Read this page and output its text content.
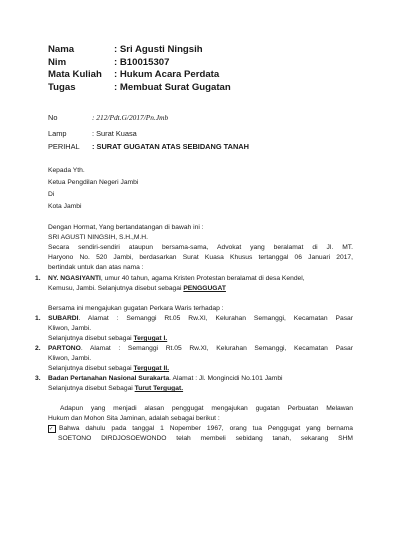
Nama	: Sri Agusti Ningsih
Nim	: B10015307
Mata Kuliah	: Hukum Acara Perdata
Tugas	: Membuat Surat Gugatan
No	: 212/Pdt.G/2017/Pn.Jmb
Lamp	: Surat Kuasa
PERIHAL	: SURAT GUGATAN ATAS SEBIDANG TANAH
Kepada Yth.
Ketua Pengdilan Negeri Jambi
Di
Kota Jambi
Dengan Hormat, Yang bertandatangan di bawah ini :
SRI AGUSTI NINGSIH, S.H.,M.H.
Secara sendiri-sendiri ataupun bersama-sama, Advokat yang beralamat di Jl. MT.
Haryono No. 520 Jambi, berdasarkan Surat Kuasa Khusus tertanggal 06 Januari 2017,
bertindak untuk dan atas nama :
1.	NY. NGASIYANTI, umur 40 tahun, agama Kristen Protestan beralamat di desa Kendel,
Kemusu, Jambi. Selanjutnya disebut sebagai PENGGUGAT
Bersama ini mengajukan gugatan Perkara Waris terhadap :
1.	SUBARDI. Alamat : Semanggi Rt.05 Rw.XI, Kelurahan Semanggi, Kecamatan Pasar
Kliwon, Jambi.
Selanjutnya disebut sebagai Tergugat I.
2.	PARTONO. Alamat : Semanggi Rt.05 Rw.XI, Kelurahan Semanggi, Kecamatan Pasar
Kliwon, Jambi.
Selanjutnya disebut sebagai Tergugat II.
3.	Badan Pertanahan Nasional Surakarta. Alamat : Jl. Mongincidi No.101 Jambi
Selanjutnya disebut Sebagai Turut Tergugat.
Adapun yang menjadi alasan penggugat mengajukan gugatan Perbuatan Melawan
Hukum dan Mohon Sita Jaminan, adalah sebagai berikut :
✓ Bahwa dahulu pada tanggal 1 Nopember 1967, orang tua Penggugat yang bernama
SOETONO DIRDJOSOEWONDO telah membeli sebidang tanah, sekarang SHM
